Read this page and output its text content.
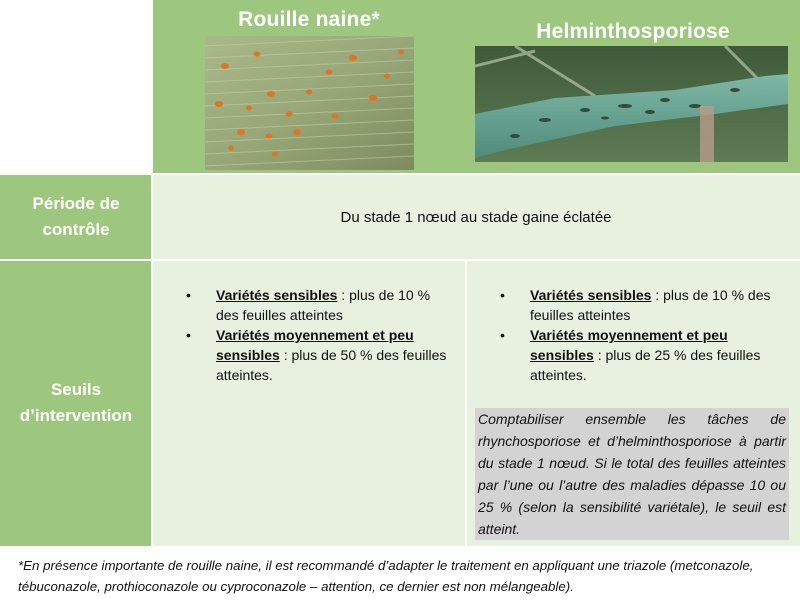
Rouille naine*
Helminthosporiose
Période de contrôle
Seuils d’intervention
Du stade 1 nœud au stade gaine éclatée
• Variétés sensibles : plus de 10 % des feuilles atteintes
• Variétés moyennement et peu sensibles : plus de 50 % des feuilles atteintes.
• Variétés sensibles : plus de 10 % des feuilles atteintes
• Variétés moyennement et peu sensibles : plus de 25 % des feuilles atteintes.
Comptabiliser ensemble les tâches de rhynchosporiose et d’helminthosporiose à partir du stade 1 nœud. Si le total des feuilles atteintes par l’une ou l’autre des maladies dépasse 10 ou 25 % (selon la sensibilité variétale), le seuil est atteint.
*En présence importante de rouille naine, il est recommandé d’adapter le traitement en appliquant une triazole (metconazole, tébuconazole, prothioconazole ou cyproconazole – attention, ce dernier est non mélangeable).
